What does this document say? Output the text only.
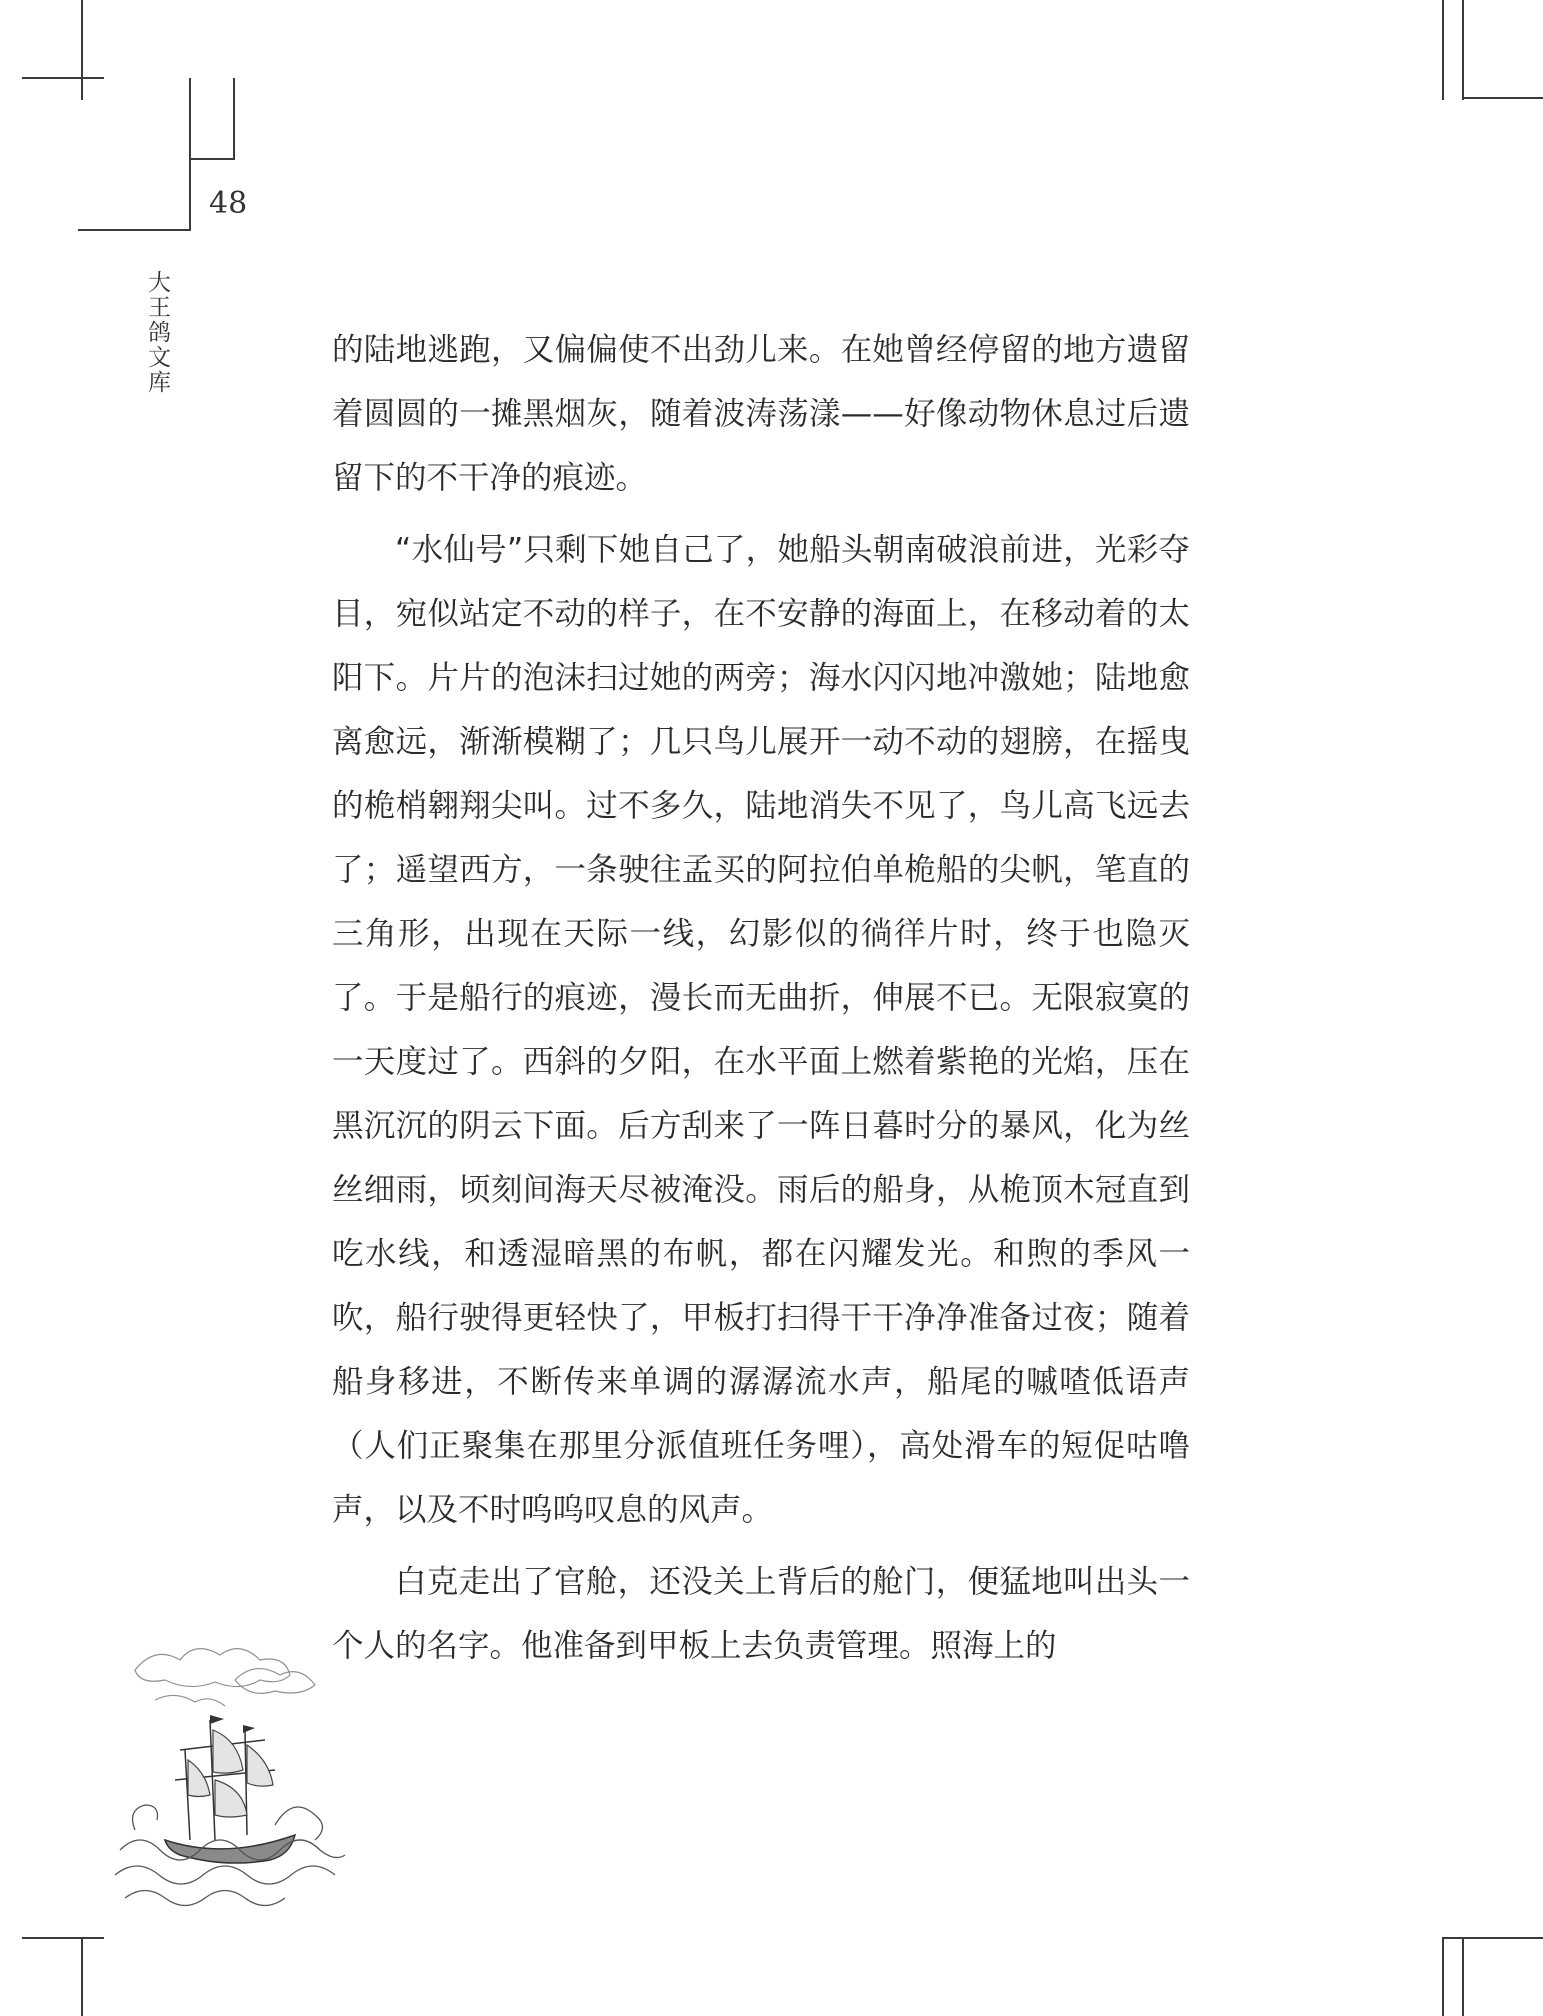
48
大王鸽文库	的陆地逃跑，又偏偏使不出劲儿来。在她曾经停留的地方遗留着圆圆的一摊黑烟灰，随着波涛荡漾——好像动物休息过后遗留下的不干净的痕迹。

“水仙号”只剩下她自己了，她船头朝南破浪前进，光彩夺目，宛似站定不动的样子，在不安静的海面上，在移动着的太阳下。片片的泡沫扫过她的两旁；海水闪闪地冲激她；陆地愈离愈远，渐渐模糊了；几只鸟儿展开一动不动的翅膀，在摇曳的桅梢翱翔尖叫。过不多久，陆地消失不见了，鸟儿高飞远去了；遥望西方，一条驶往孟买的阿拉伯单桅船的尖帆，笔直的三角形，出现在天际一线，幻影似的徜徉片时，终于也隐灭了。于是船行的痕迹，漫长而无曲折，伸展不已。无限寂寞的一天度过了。西斜的夕阳，在水平面上燃着紫艳的光焰，压在黑沉沉的阴云下面。后方刮来了一阵日暮时分的暴风，化为丝丝细雨，顷刻间海天尽被淹没。雨后的船身，从桅顶木冠直到吃水线，和透湿暗黑的布帆，都在闪耀发光。和煦的季风一吹，船行驶得更轻快了，甲板打扫得干干净净准备过夜；随着船身移进，不断传来单调的潺潺流水声，船尾的嘁喳低语声（人们正聚集在那里分派值班任务哩），高处滑车的短促咕噜声，以及不时呜呜叹息的风声。

白克走出了官舱，还没关上背后的舱门，便猛地叫出头一个人的名字。他准备到甲板上去负责管理。照海上的
